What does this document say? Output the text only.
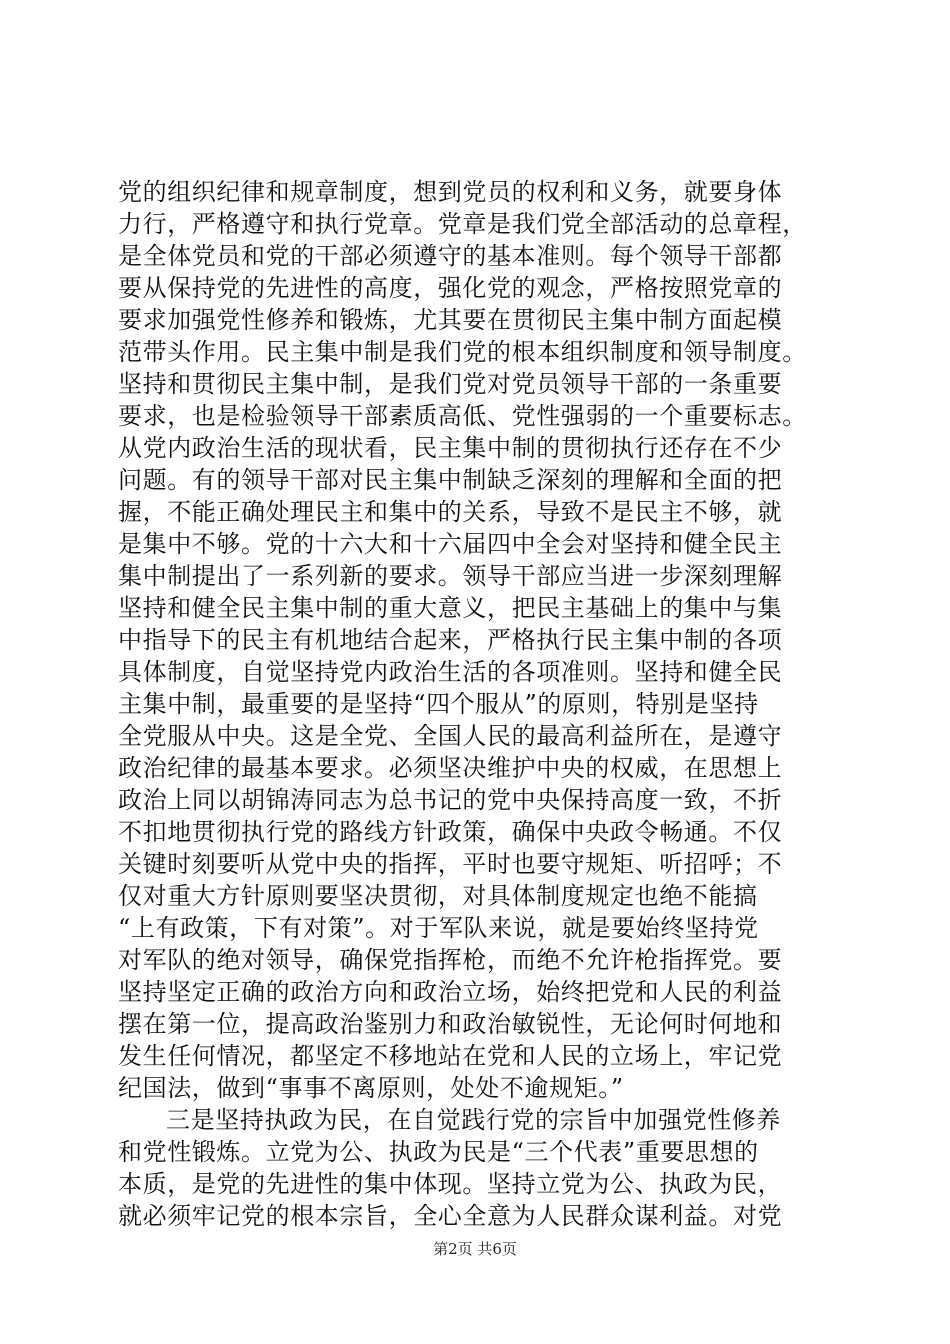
党的组织纪律和规章制度，想到党员的权利和义务，就要身体
力行，严格遵守和执行党章。党章是我们党全部活动的总章程，
是全体党员和党的干部必须遵守的基本准则。每个领导干部都
要从保持党的先进性的高度，强化党的观念，严格按照党章的
要求加强党性修养和锻炼，尤其要在贯彻民主集中制方面起模
范带头作用。民主集中制是我们党的根本组织制度和领导制度。
坚持和贯彻民主集中制，是我们党对党员领导干部的一条重要
要求，也是检验领导干部素质高低、党性强弱的一个重要标志。
从党内政治生活的现状看，民主集中制的贯彻执行还存在不少
问题。有的领导干部对民主集中制缺乏深刻的理解和全面的把
握，不能正确处理民主和集中的关系，导致不是民主不够，就
是集中不够。党的十六大和十六届四中全会对坚持和健全民主
集中制提出了一系列新的要求。领导干部应当进一步深刻理解
坚持和健全民主集中制的重大意义，把民主基础上的集中与集
中指导下的民主有机地结合起来，严格执行民主集中制的各项
具体制度，自觉坚持党内政治生活的各项准则。坚持和健全民
主集中制，最重要的是坚持“四个服从”的原则，特别是坚持
全党服从中央。这是全党、全国人民的最高利益所在，是遵守
政治纪律的最基本要求。必须坚决维护中央的权威，在思想上
政治上同以胡锦涛同志为总书记的党中央保持高度一致，不折
不扣地贯彻执行党的路线方针政策，确保中央政令畅通。不仅
关键时刻要听从党中央的指挥，平时也要守规矩、听招呼；不
仅对重大方针原则要坚决贯彻，对具体制度规定也绝不能搞
“上有政策，下有对策”。对于军队来说，就是要始终坚持党
对军队的绝对领导，确保党指挥枪，而绝不允许枪指挥党。要
坚持坚定正确的政治方向和政治立场，始终把党和人民的利益
摆在第一位，提高政治鉴别力和政治敏锐性，无论何时何地和
发生任何情况，都坚定不移地站在党和人民的立场上，牢记党
纪国法，做到“事事不离原则，处处不逾规矩。”
三是坚持执政为民，在自觉践行党的宗旨中加强党性修养
和党性锻炼。立党为公、执政为民是“三个代表”重要思想的
本质，是党的先进性的集中体现。坚持立党为公、执政为民，
就必须牢记党的根本宗旨，全心全意为人民群众谋利益。对党
第2页 共6页
